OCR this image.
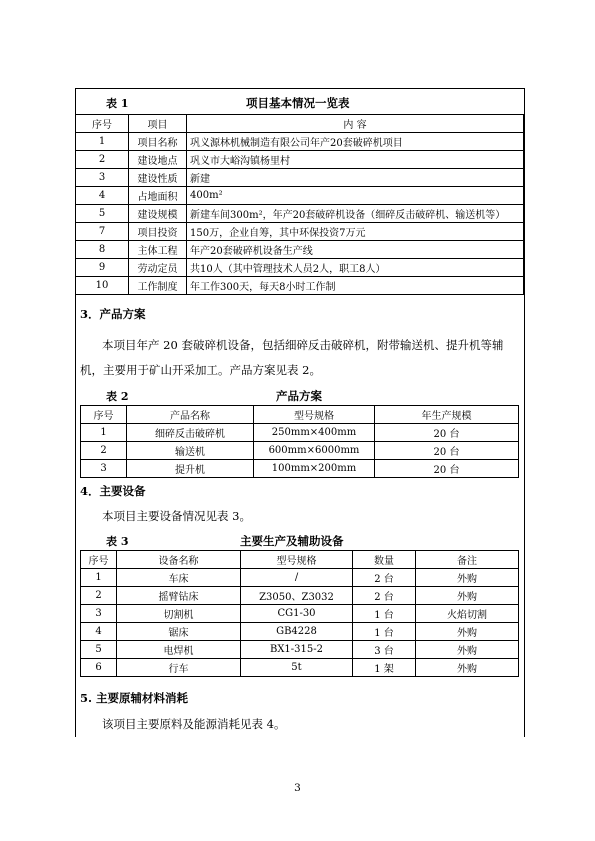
表 1	项目基本情况一览表
序号	项目	内 容
1	项目名称	巩义源林机械制造有限公司年产20套破碎机项目
2	建设地点	巩义市大峪沟镇杨里村
3	建设性质	新建
4	占地面积	400m²
5	建设规模	新建车间300m²，年产20套破碎机设备（细碎反击破碎机、输送机等）
7	项目投资	150万，企业自筹，其中环保投资7万元
8	主体工程	年产20套破碎机设备生产线
9	劳动定员	共10人（其中管理技术人员2人，职工8人）
10	工作制度	年工作300天，每天8小时工作制
3．产品方案
本项目年产 20 套破碎机设备，包括细碎反击破碎机，附带输送机、提升机等辅
机，主要用于矿山开采加工。产品方案见表 2。
表 2	产品方案
序号	产品名称	型号规格	年生产规模
1	细碎反击破碎机	250mm×400mm	20 台
2	输送机	600mm×6000mm	20 台
3	提升机	100mm×200mm	20 台
4．主要设备
本项目主要设备情况见表 3。
表 3	主要生产及辅助设备
序号	设备名称	型号规格	数量	备注
1	车床	/	2 台	外购
2	摇臂钻床	Z3050、Z3032	2 台	外购
3	切割机	CG1-30	1 台	火焰切割
4	锯床	GB4228	1 台	外购
5	电焊机	BX1-315-2	3 台	外购
6	行车	5t	1 架	外购
5. 主要原辅材料消耗
该项目主要原料及能源消耗见表 4。
3
